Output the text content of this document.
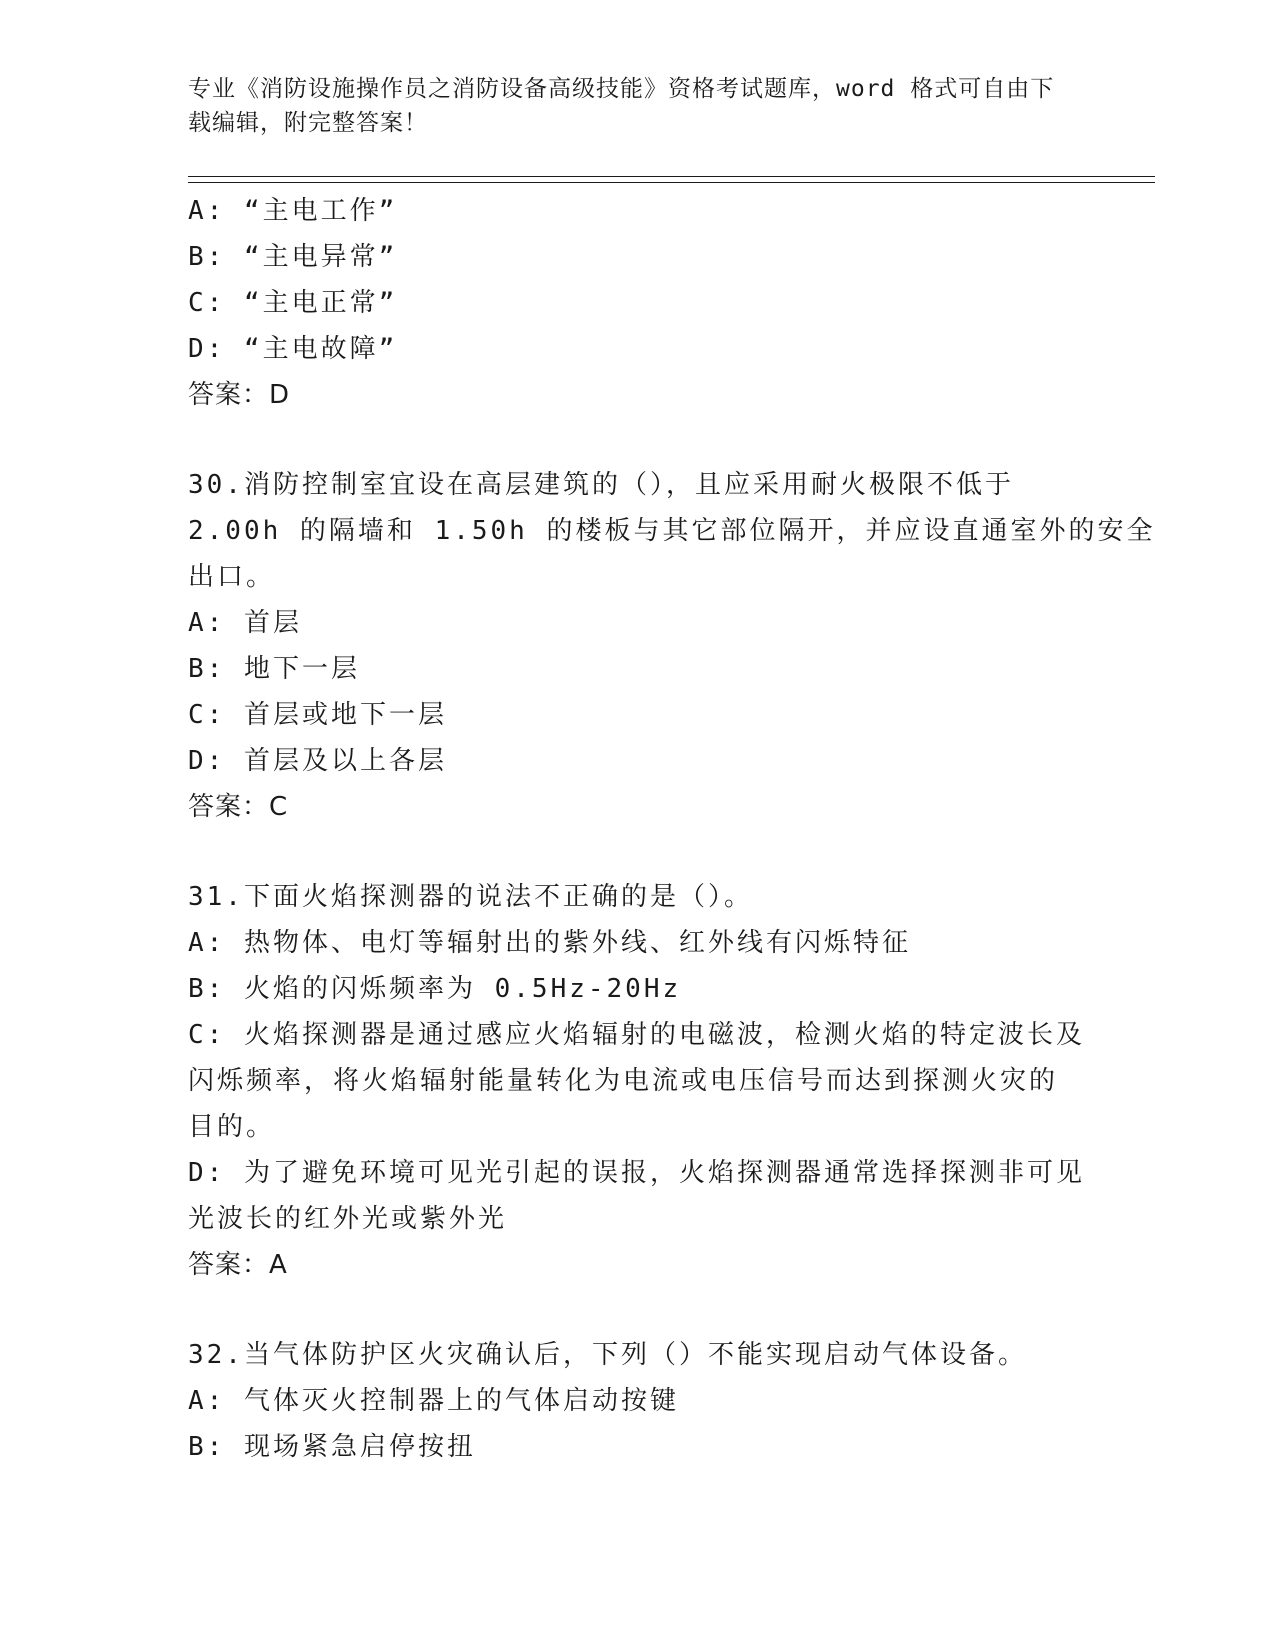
专业《消防设施操作员之消防设备高级技能》资格考试题库，word 格式可自由下
载编辑，附完整答案！
A: “主电工作”
B: “主电异常”
C: “主电正常”
D: “主电故障”
答案：D
30.消防控制室宜设在高层建筑的（），且应采用耐火极限不低于
2.00h 的隔墙和 1.50h 的楼板与其它部位隔开，并应设直通室外的安全
出口。
A: 首层
B: 地下一层
C: 首层或地下一层
D: 首层及以上各层
答案：C
31.下面火焰探测器的说法不正确的是（）。
A: 热物体、电灯等辐射出的紫外线、红外线有闪烁特征
B: 火焰的闪烁频率为 0.5Hz-20Hz
C: 火焰探测器是通过感应火焰辐射的电磁波，检测火焰的特定波长及
闪烁频率，将火焰辐射能量转化为电流或电压信号而达到探测火灾的
目的。
D: 为了避免环境可见光引起的误报，火焰探测器通常选择探测非可见
光波长的红外光或紫外光
答案：A
32.当气体防护区火灾确认后，下列（）不能实现启动气体设备。
A: 气体灭火控制器上的气体启动按键
B: 现场紧急启停按扭
